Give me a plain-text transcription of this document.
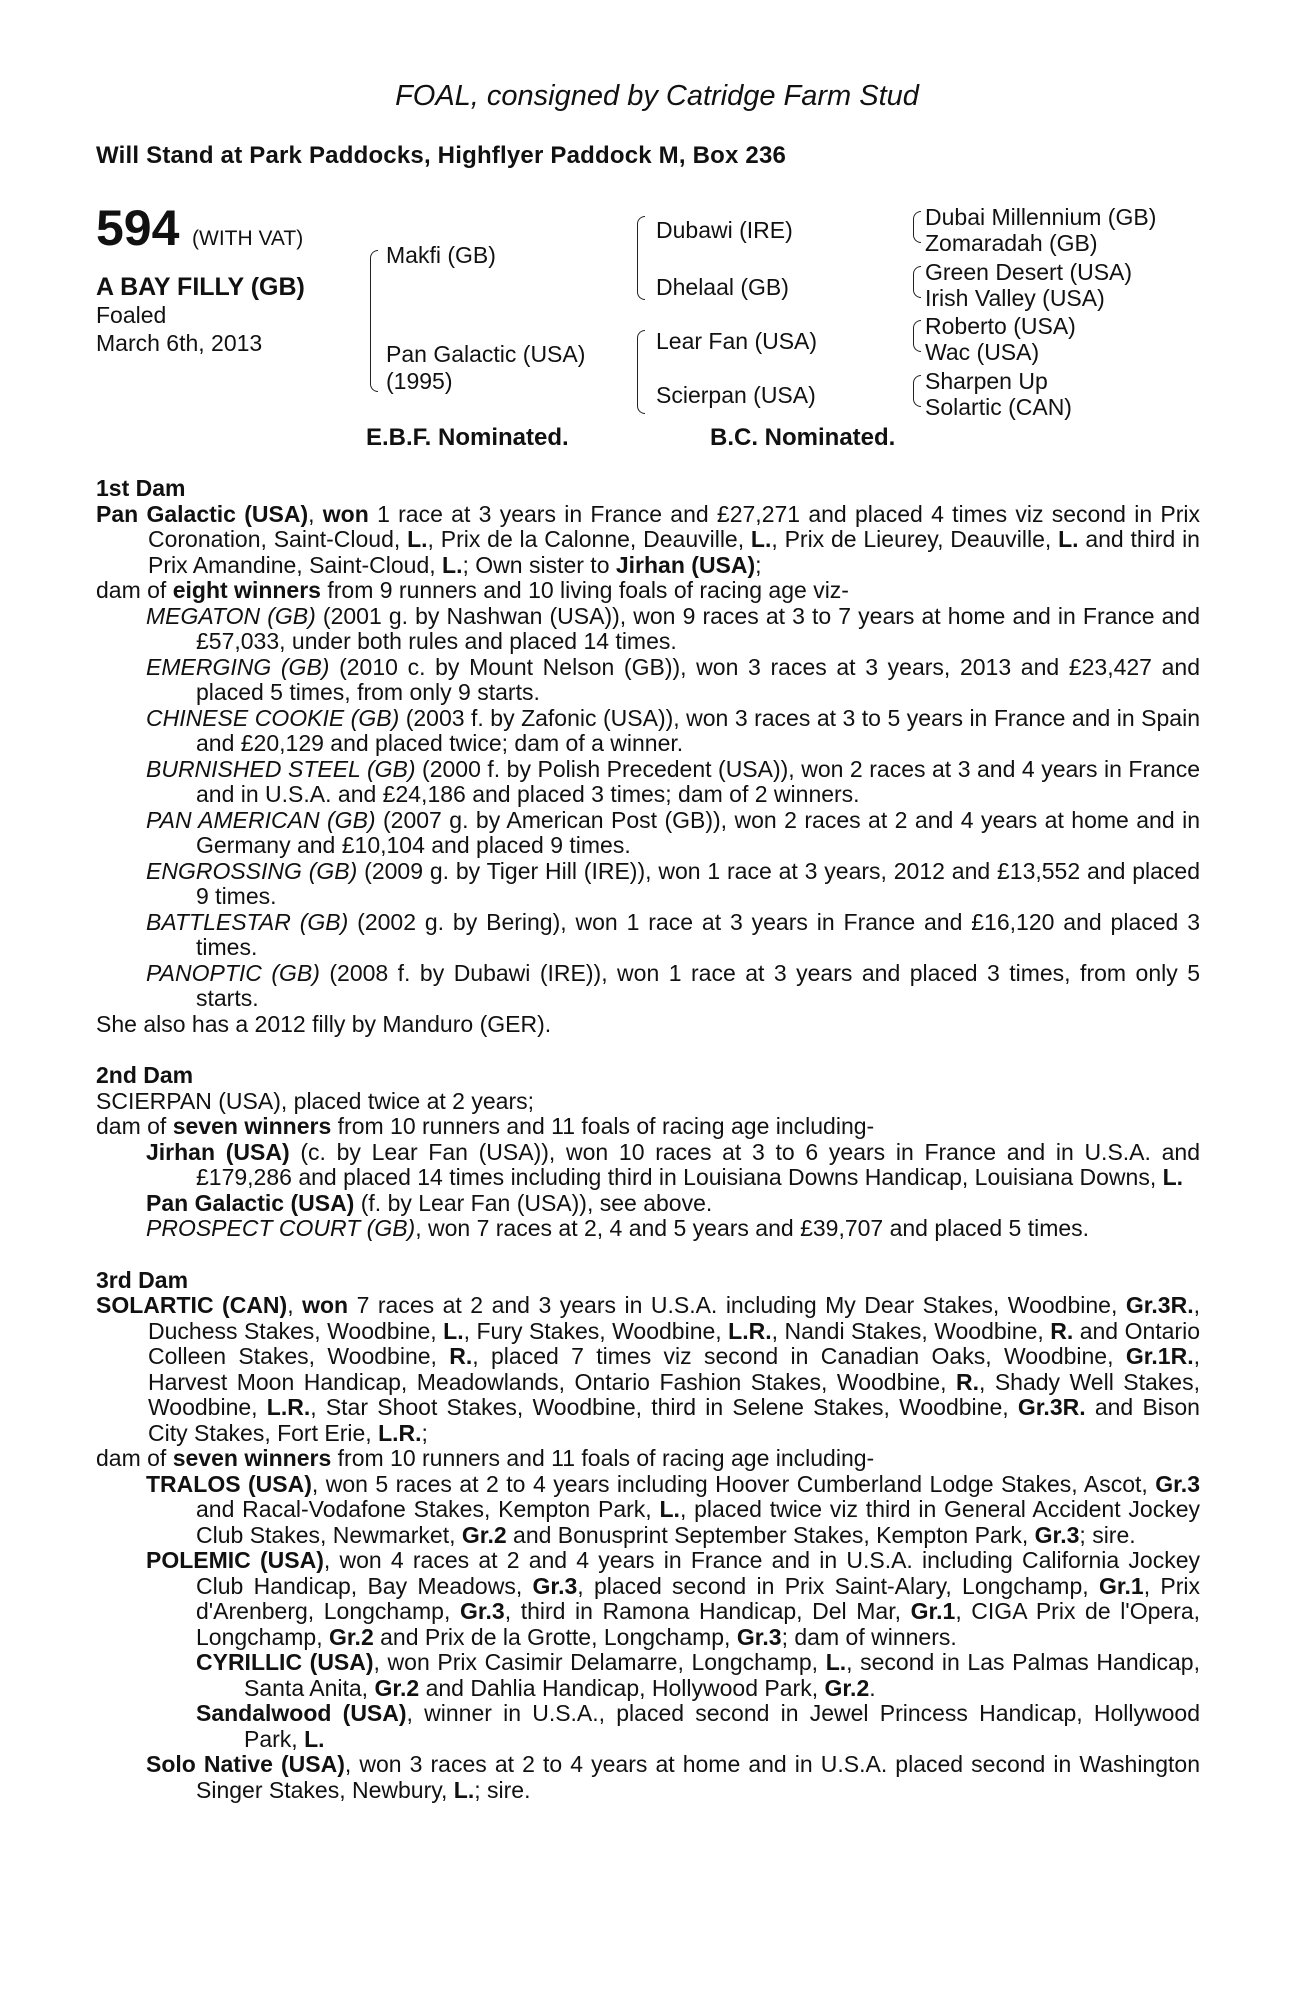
FOAL, consigned by Catridge Farm Stud
Will Stand at Park Paddocks, Highflyer Paddock M, Box 236
594 (WITH VAT)
A BAY FILLY (GB)
Foaled
March 6th, 2013
Makfi (GB)
Pan Galactic (USA)
(1995)
Dubawi (IRE)
Dhelaal (GB)
Lear Fan (USA)
Scierpan (USA)
Dubai Millennium (GB)
Zomaradah (GB)
Green Desert (USA)
Irish Valley (USA)
Roberto (USA)
Wac (USA)
Sharpen Up
Solartic (CAN)
E.B.F. Nominated.	B.C. Nominated.
1st Dam
Pan Galactic (USA), won 1 race at 3 years in France and £27,271 and placed 4 times viz second in Prix Coronation, Saint-Cloud, L., Prix de la Calonne, Deauville, L., Prix de Lieurey, Deauville, L. and third in Prix Amandine, Saint-Cloud, L.; Own sister to Jirhan (USA);
dam of eight winners from 9 runners and 10 living foals of racing age viz-
MEGATON (GB) (2001 g. by Nashwan (USA)), won 9 races at 3 to 7 years at home and in France and £57,033, under both rules and placed 14 times.
EMERGING (GB) (2010 c. by Mount Nelson (GB)), won 3 races at 3 years, 2013 and £23,427 and placed 5 times, from only 9 starts.
CHINESE COOKIE (GB) (2003 f. by Zafonic (USA)), won 3 races at 3 to 5 years in France and in Spain and £20,129 and placed twice; dam of a winner.
BURNISHED STEEL (GB) (2000 f. by Polish Precedent (USA)), won 2 races at 3 and 4 years in France and in U.S.A. and £24,186 and placed 3 times; dam of 2 winners.
PAN AMERICAN (GB) (2007 g. by American Post (GB)), won 2 races at 2 and 4 years at home and in Germany and £10,104 and placed 9 times.
ENGROSSING (GB) (2009 g. by Tiger Hill (IRE)), won 1 race at 3 years, 2012 and £13,552 and placed 9 times.
BATTLESTAR (GB) (2002 g. by Bering), won 1 race at 3 years in France and £16,120 and placed 3 times.
PANOPTIC (GB) (2008 f. by Dubawi (IRE)), won 1 race at 3 years and placed 3 times, from only 5 starts.
She also has a 2012 filly by Manduro (GER).
2nd Dam
SCIERPAN (USA), placed twice at 2 years;
dam of seven winners from 10 runners and 11 foals of racing age including-
Jirhan (USA) (c. by Lear Fan (USA)), won 10 races at 3 to 6 years in France and in U.S.A. and £179,286 and placed 14 times including third in Louisiana Downs Handicap, Louisiana Downs, L.
Pan Galactic (USA) (f. by Lear Fan (USA)), see above.
PROSPECT COURT (GB), won 7 races at 2, 4 and 5 years and £39,707 and placed 5 times.
3rd Dam
SOLARTIC (CAN), won 7 races at 2 and 3 years in U.S.A. including My Dear Stakes, Woodbine, Gr.3R., Duchess Stakes, Woodbine, L., Fury Stakes, Woodbine, L.R., Nandi Stakes, Woodbine, R. and Ontario Colleen Stakes, Woodbine, R., placed 7 times viz second in Canadian Oaks, Woodbine, Gr.1R., Harvest Moon Handicap, Meadowlands, Ontario Fashion Stakes, Woodbine, R., Shady Well Stakes, Woodbine, L.R., Star Shoot Stakes, Woodbine, third in Selene Stakes, Woodbine, Gr.3R. and Bison City Stakes, Fort Erie, L.R.;
dam of seven winners from 10 runners and 11 foals of racing age including-
TRALOS (USA), won 5 races at 2 to 4 years including Hoover Cumberland Lodge Stakes, Ascot, Gr.3 and Racal-Vodafone Stakes, Kempton Park, L., placed twice viz third in General Accident Jockey Club Stakes, Newmarket, Gr.2 and Bonusprint September Stakes, Kempton Park, Gr.3; sire.
POLEMIC (USA), won 4 races at 2 and 4 years in France and in U.S.A. including California Jockey Club Handicap, Bay Meadows, Gr.3, placed second in Prix Saint-Alary, Longchamp, Gr.1, Prix d'Arenberg, Longchamp, Gr.3, third in Ramona Handicap, Del Mar, Gr.1, CIGA Prix de l'Opera, Longchamp, Gr.2 and Prix de la Grotte, Longchamp, Gr.3; dam of winners.
CYRILLIC (USA), won Prix Casimir Delamarre, Longchamp, L., second in Las Palmas Handicap, Santa Anita, Gr.2 and Dahlia Handicap, Hollywood Park, Gr.2.
Sandalwood (USA), winner in U.S.A., placed second in Jewel Princess Handicap, Hollywood Park, L.
Solo Native (USA), won 3 races at 2 to 4 years at home and in U.S.A. placed second in Washington Singer Stakes, Newbury, L.; sire.
